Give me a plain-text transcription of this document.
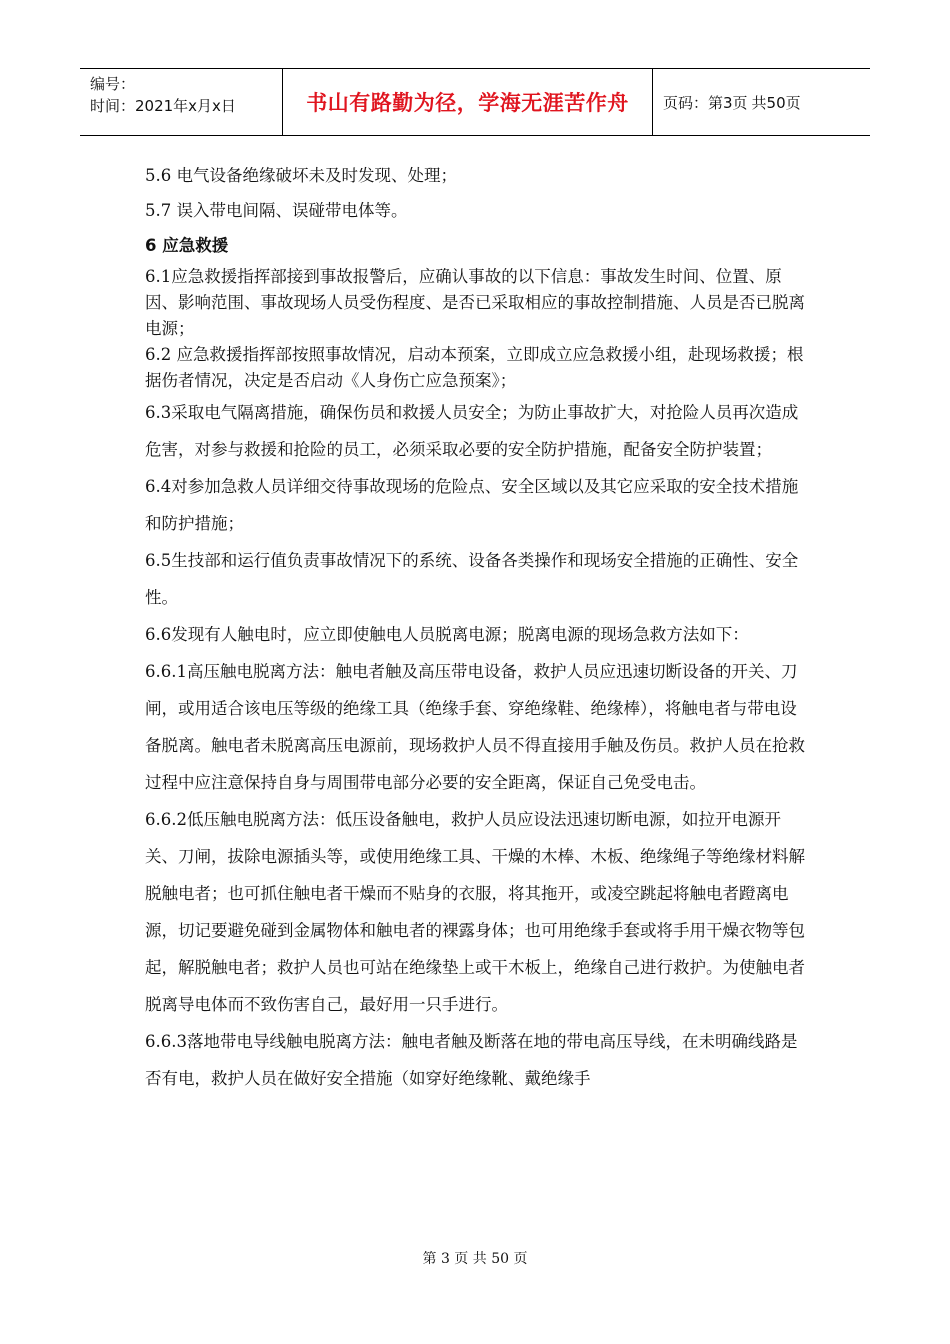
编号：
时间：2021年x月x日	书山有路勤为径，学海无涯苦作舟 页码：第3页 共50页

5.6 电气设备绝缘破坏未及时发现、处理；

5.7 误入带电间隔、误碰带电体等。

6 应急救援

6.1应急救援指挥部接到事故报警后，应确认事故的以下信息：事故发生时间、位置、原因、影响范围、事故现场人员受伤程度、是否已采取相应的事故控制措施、人员是否已脱离电源；

6.2 应急救援指挥部按照事故情况，启动本预案，立即成立应急救援小组，赴现场救援；根据伤者情况，决定是否启动《人身伤亡应急预案》；

6.3采取电气隔离措施，确保伤员和救援人员安全；为防止事故扩大，对抢险人员再次造成危害，对参与救援和抢险的员工，必须采取必要的安全防护措施，配备安全防护装置；

6.4对参加急救人员详细交待事故现场的危险点、安全区域以及其它应采取的安全技术措施和防护措施；

6.5生技部和运行值负责事故情况下的系统、设备各类操作和现场安全措施的正确性、安全性。

6.6发现有人触电时，应立即使触电人员脱离电源；脱离电源的现场急救方法如下：

6.6.1高压触电脱离方法：触电者触及高压带电设备，救护人员应迅速切断设备的开关、刀闸，或用适合该电压等级的绝缘工具（绝缘手套、穿绝缘鞋、绝缘棒），将触电者与带电设备脱离。触电者未脱离高压电源前，现场救护人员不得直接用手触及伤员。救护人员在抢救过程中应注意保持自身与周围带电部分必要的安全距离，保证自己免受电击。

6.6.2低压触电脱离方法：低压设备触电，救护人员应设法迅速切断电源，如拉开电源开关、刀闸，拔除电源插头等，或使用绝缘工具、干燥的木棒、木板、绝缘绳子等绝缘材料解脱触电者；也可抓住触电者干燥而不贴身的衣服，将其拖开，或凌空跳起将触电者蹬离电源，切记要避免碰到金属物体和触电者的裸露身体；也可用绝缘手套或将手用干燥衣物等包起，解脱触电者；救护人员也可站在绝缘垫上或干木板上，绝缘自己进行救护。为使触电者脱离导电体而不致伤害自己，最好用一只手进行。

6.6.3落地带电导线触电脱离方法：触电者触及断落在地的带电高压导线，在未明确线路是否有电，救护人员在做好安全措施（如穿好绝缘靴、戴绝缘手

第 3 页 共 50 页
